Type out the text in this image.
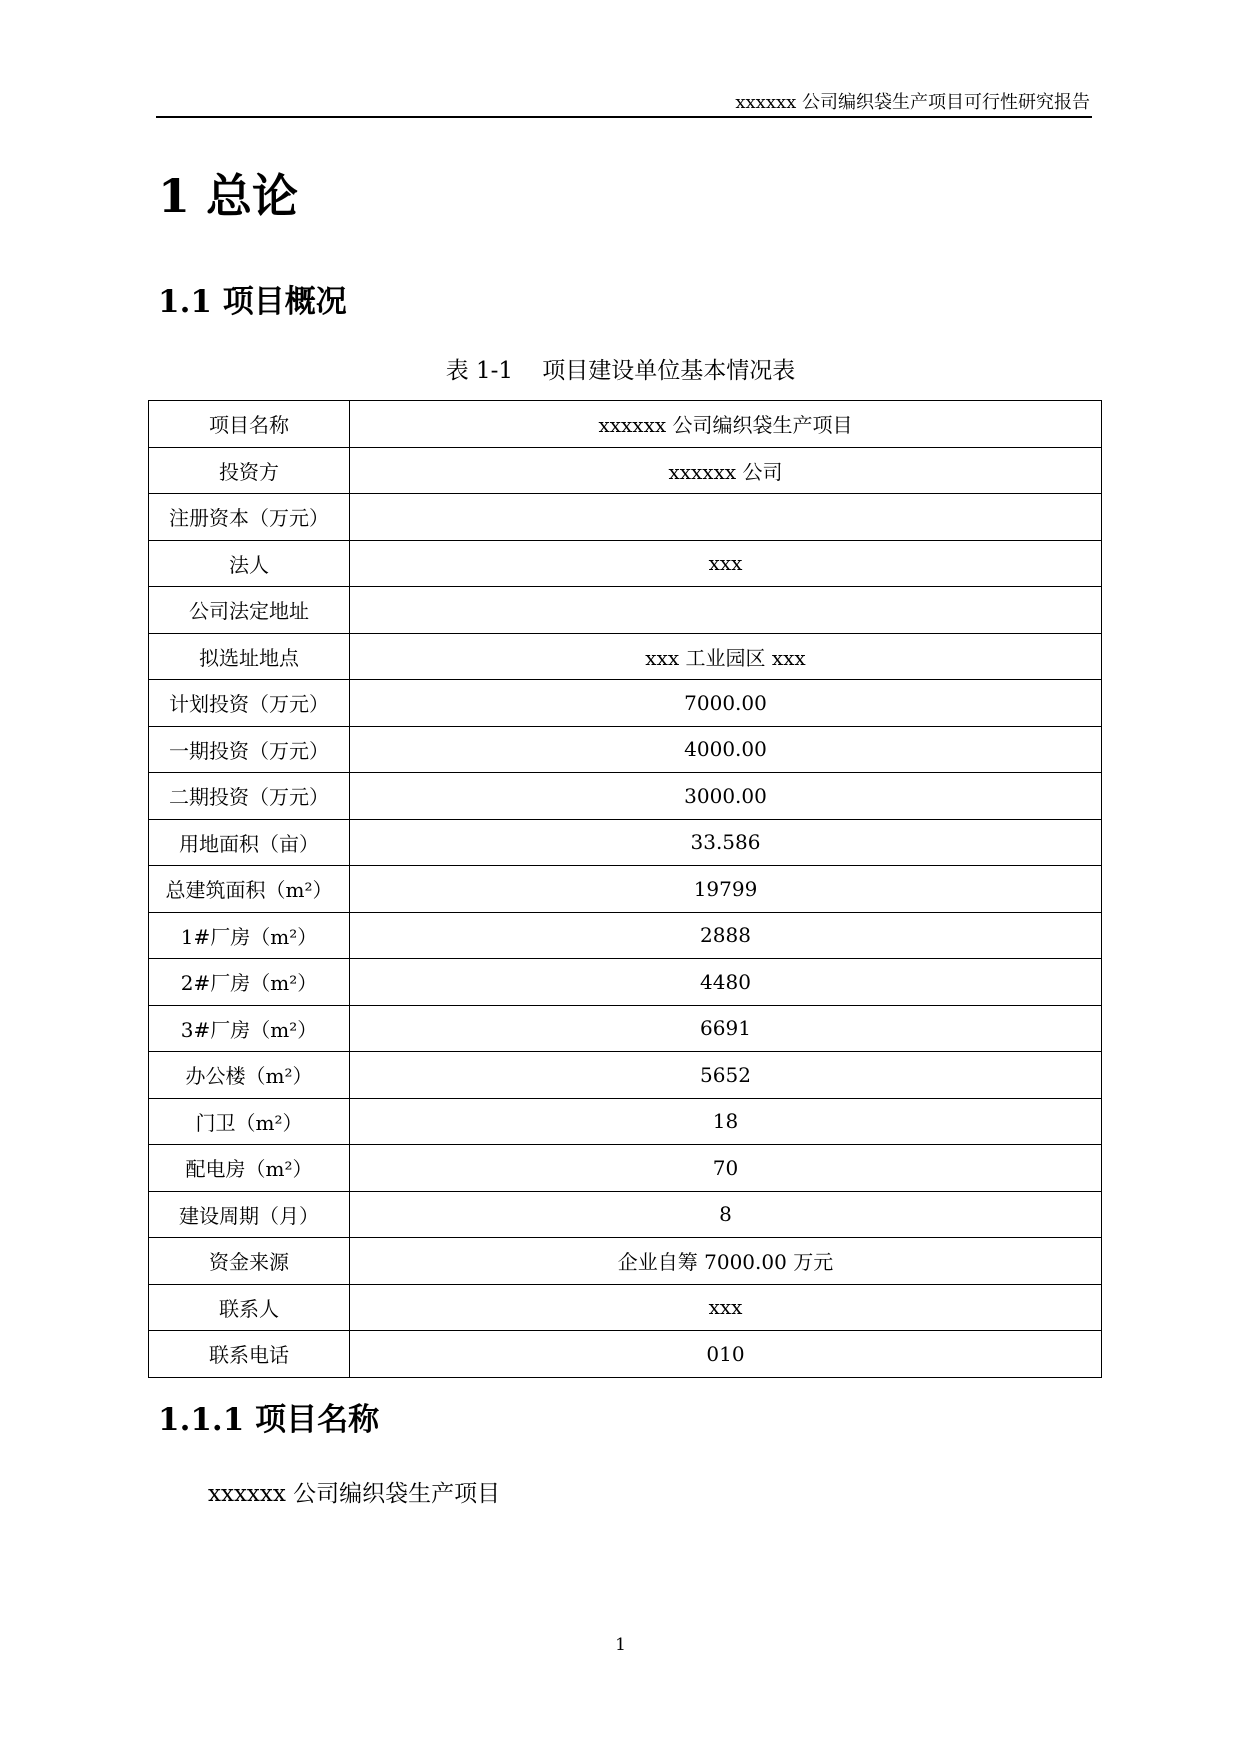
xxxxxx 公司编织袋生产项目可行性研究报告
1 总论
1.1 项目概况
表 1-1    项目建设单位基本情况表
项目名称	xxxxxx 公司编织袋生产项目
投资方	xxxxxx 公司
注册资本（万元）	
法人	xxx
公司法定地址	
拟选址地点	xxx 工业园区 xxx
计划投资（万元）	7000.00
一期投资（万元）	4000.00
二期投资（万元）	3000.00
用地面积（亩）	33.586
总建筑面积（m²）	19799
1#厂房（m²）	2888
2#厂房（m²）	4480
3#厂房（m²）	6691
办公楼（m²）	5652
门卫（m²）	18
配电房（m²）	70
建设周期（月）	8
资金来源	企业自筹 7000.00 万元
联系人	xxx
联系电话	010
1.1.1 项目名称

xxxxxx 公司编织袋生产项目

1
